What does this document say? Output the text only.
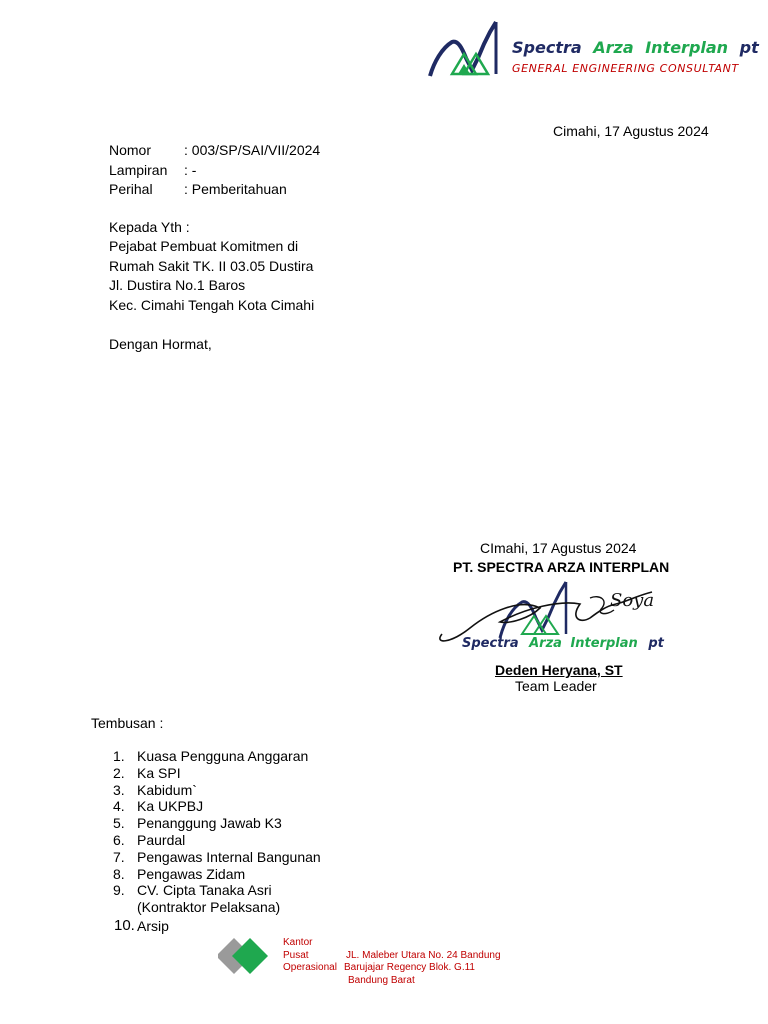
Spectra Arza Interplan pt
GENERAL ENGINEERING CONSULTANT
Cimahi, 17 Agustus 2024
Nomor : 003/SP/SAI/VII/2024
Lampiran : -
Perihal : Pemberitahuan
Kepada Yth :
Pejabat Pembuat Komitmen di
Rumah Sakit TK. II 03.05 Dustira
Jl. Dustira No.1 Baros
Kec. Cimahi Tengah Kota Cimahi
Dengan Hormat,
CImahi, 17 Agustus 2024
PT. SPECTRA ARZA INTERPLAN
Soya
Spectra Arza Interplan pt
Deden Heryana, ST
Team Leader
Tembusan :
1. Kuasa Pengguna Anggaran
2. Ka SPI
3. Kabidum`
4. Ka UKPBJ
5. Penanggung Jawab K3
6. Paurdal
7. Pengawas Internal Bangunan
8. Pengawas Zidam
9. CV. Cipta Tanaka Asri
(Kontraktor Pelaksana)
10. Arsip
Kantor
Pusat
Operasional
JL. Maleber Utara No. 24 Bandung
Barujajar Regency Blok. G.11
Bandung Barat
